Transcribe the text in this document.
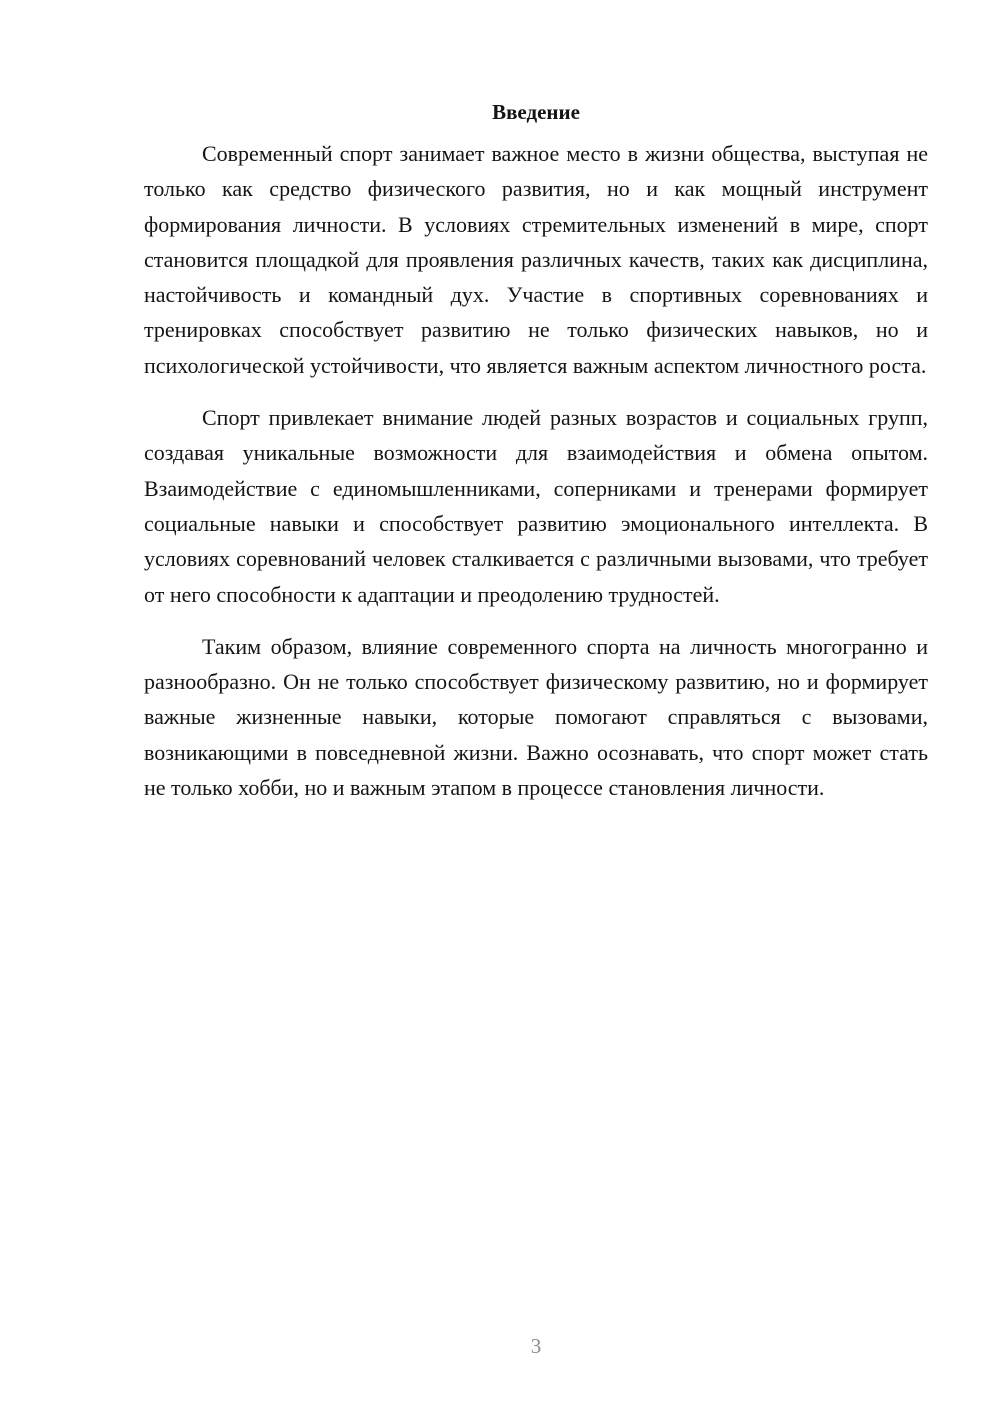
Введение

Современный спорт занимает важное место в жизни общества, выступая не только как средство физического развития, но и как мощный инструмент формирования личности. В условиях стремительных изменений в мире, спорт становится площадкой для проявления различных качеств, таких как дисциплина, настойчивость и командный дух. Участие в спортивных соревнованиях и тренировках способствует развитию не только физических навыков, но и психологической устойчивости, что является важным аспектом личностного роста.

Спорт привлекает внимание людей разных возрастов и социальных групп, создавая уникальные возможности для взаимодействия и обмена опытом. Взаимодействие с единомышленниками, соперниками и тренерами формирует социальные навыки и способствует развитию эмоционального интеллекта. В условиях соревнований человек сталкивается с различными вызовами, что требует от него способности к адаптации и преодолению трудностей.

Таким образом, влияние современного спорта на личность многогранно и разнообразно. Он не только способствует физическому развитию, но и формирует важные жизненные навыки, которые помогают справляться с вызовами, возникающими в повседневной жизни. Важно осознавать, что спорт может стать не только хобби, но и важным этапом в процессе становления личности.

3
